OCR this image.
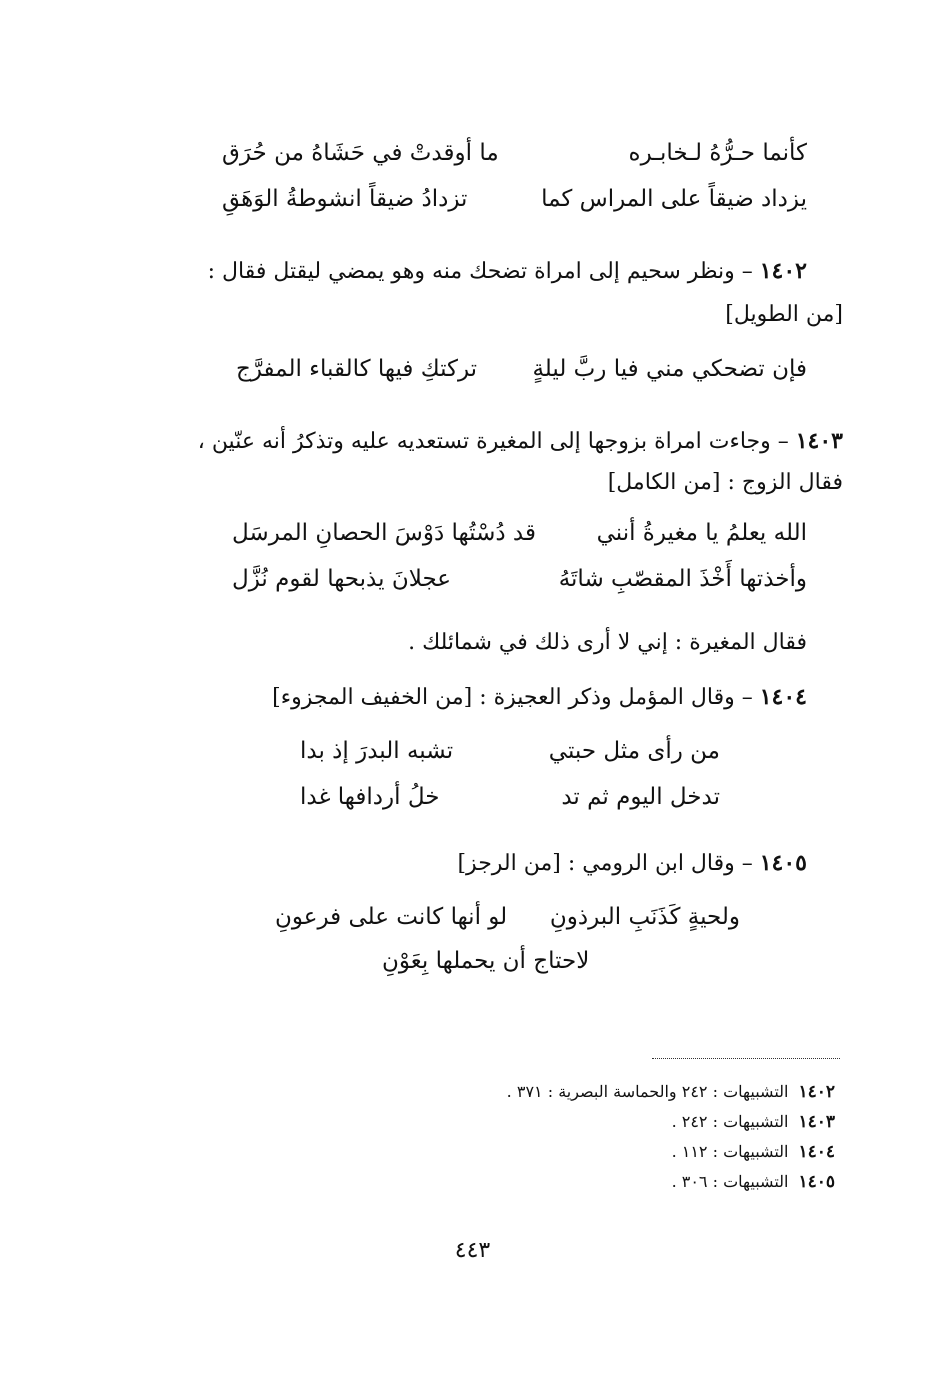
كأنما حـرُّهُ لـخابـره
ما أوقدتْ في حَشَاهُ من حُرَق
يزداد ضيقاً على المراس كما
تزدادُ ضيقاً انشوطةُ الوَهَقِ
١٤٠٢ – ونظر سحيم إلى امراة تضحك منه وهو يمضي ليقتل فقال :
[من الطويل]
فإن تضحكي مني فيا ربَّ ليلةٍ
تركتكِ فيها كالقباء المفرَّج
١٤٠٣ – وجاءت امراة بزوجها إلى المغيرة تستعديه عليه وتذكرُ أنه عنّين ،
فقال الزوج : [من الكامل]
الله يعلمُ يا مغيرةُ أنني
قد دُسْتُها دَوْسَ الحصانِ المرسَل
وأخذتها أَخْذَ المقصّبِ شاتَهُ
عجلانَ يذبحها لقوم نُزَّل
فقال المغيرة : إني لا أرى ذلك في شمائلك .
١٤٠٤ – وقال المؤمل وذكر العجيزة : [من الخفيف المجزوء]
من رأى مثل حبتي
تشبه البدرَ إذ بدا
تدخل اليوم ثم تد
خلُ أردافها غدا
١٤٠٥ – وقال ابن الرومي : [من الرجز]
ولحيةٍ كَذَنَبِ البرذونِ
لو أنها كانت على فرعونِ
لاحتاج أن يحملها بِعَوْنِ
١٤٠٢التشبيهات : ٢٤٢ والحماسة البصرية : ٣٧١ .
١٤٠٣التشبيهات : ٢٤٢ .
١٤٠٤التشبيهات : ١١٢ .
١٤٠٥التشبيهات : ٣٠٦ .
٤٤٣
